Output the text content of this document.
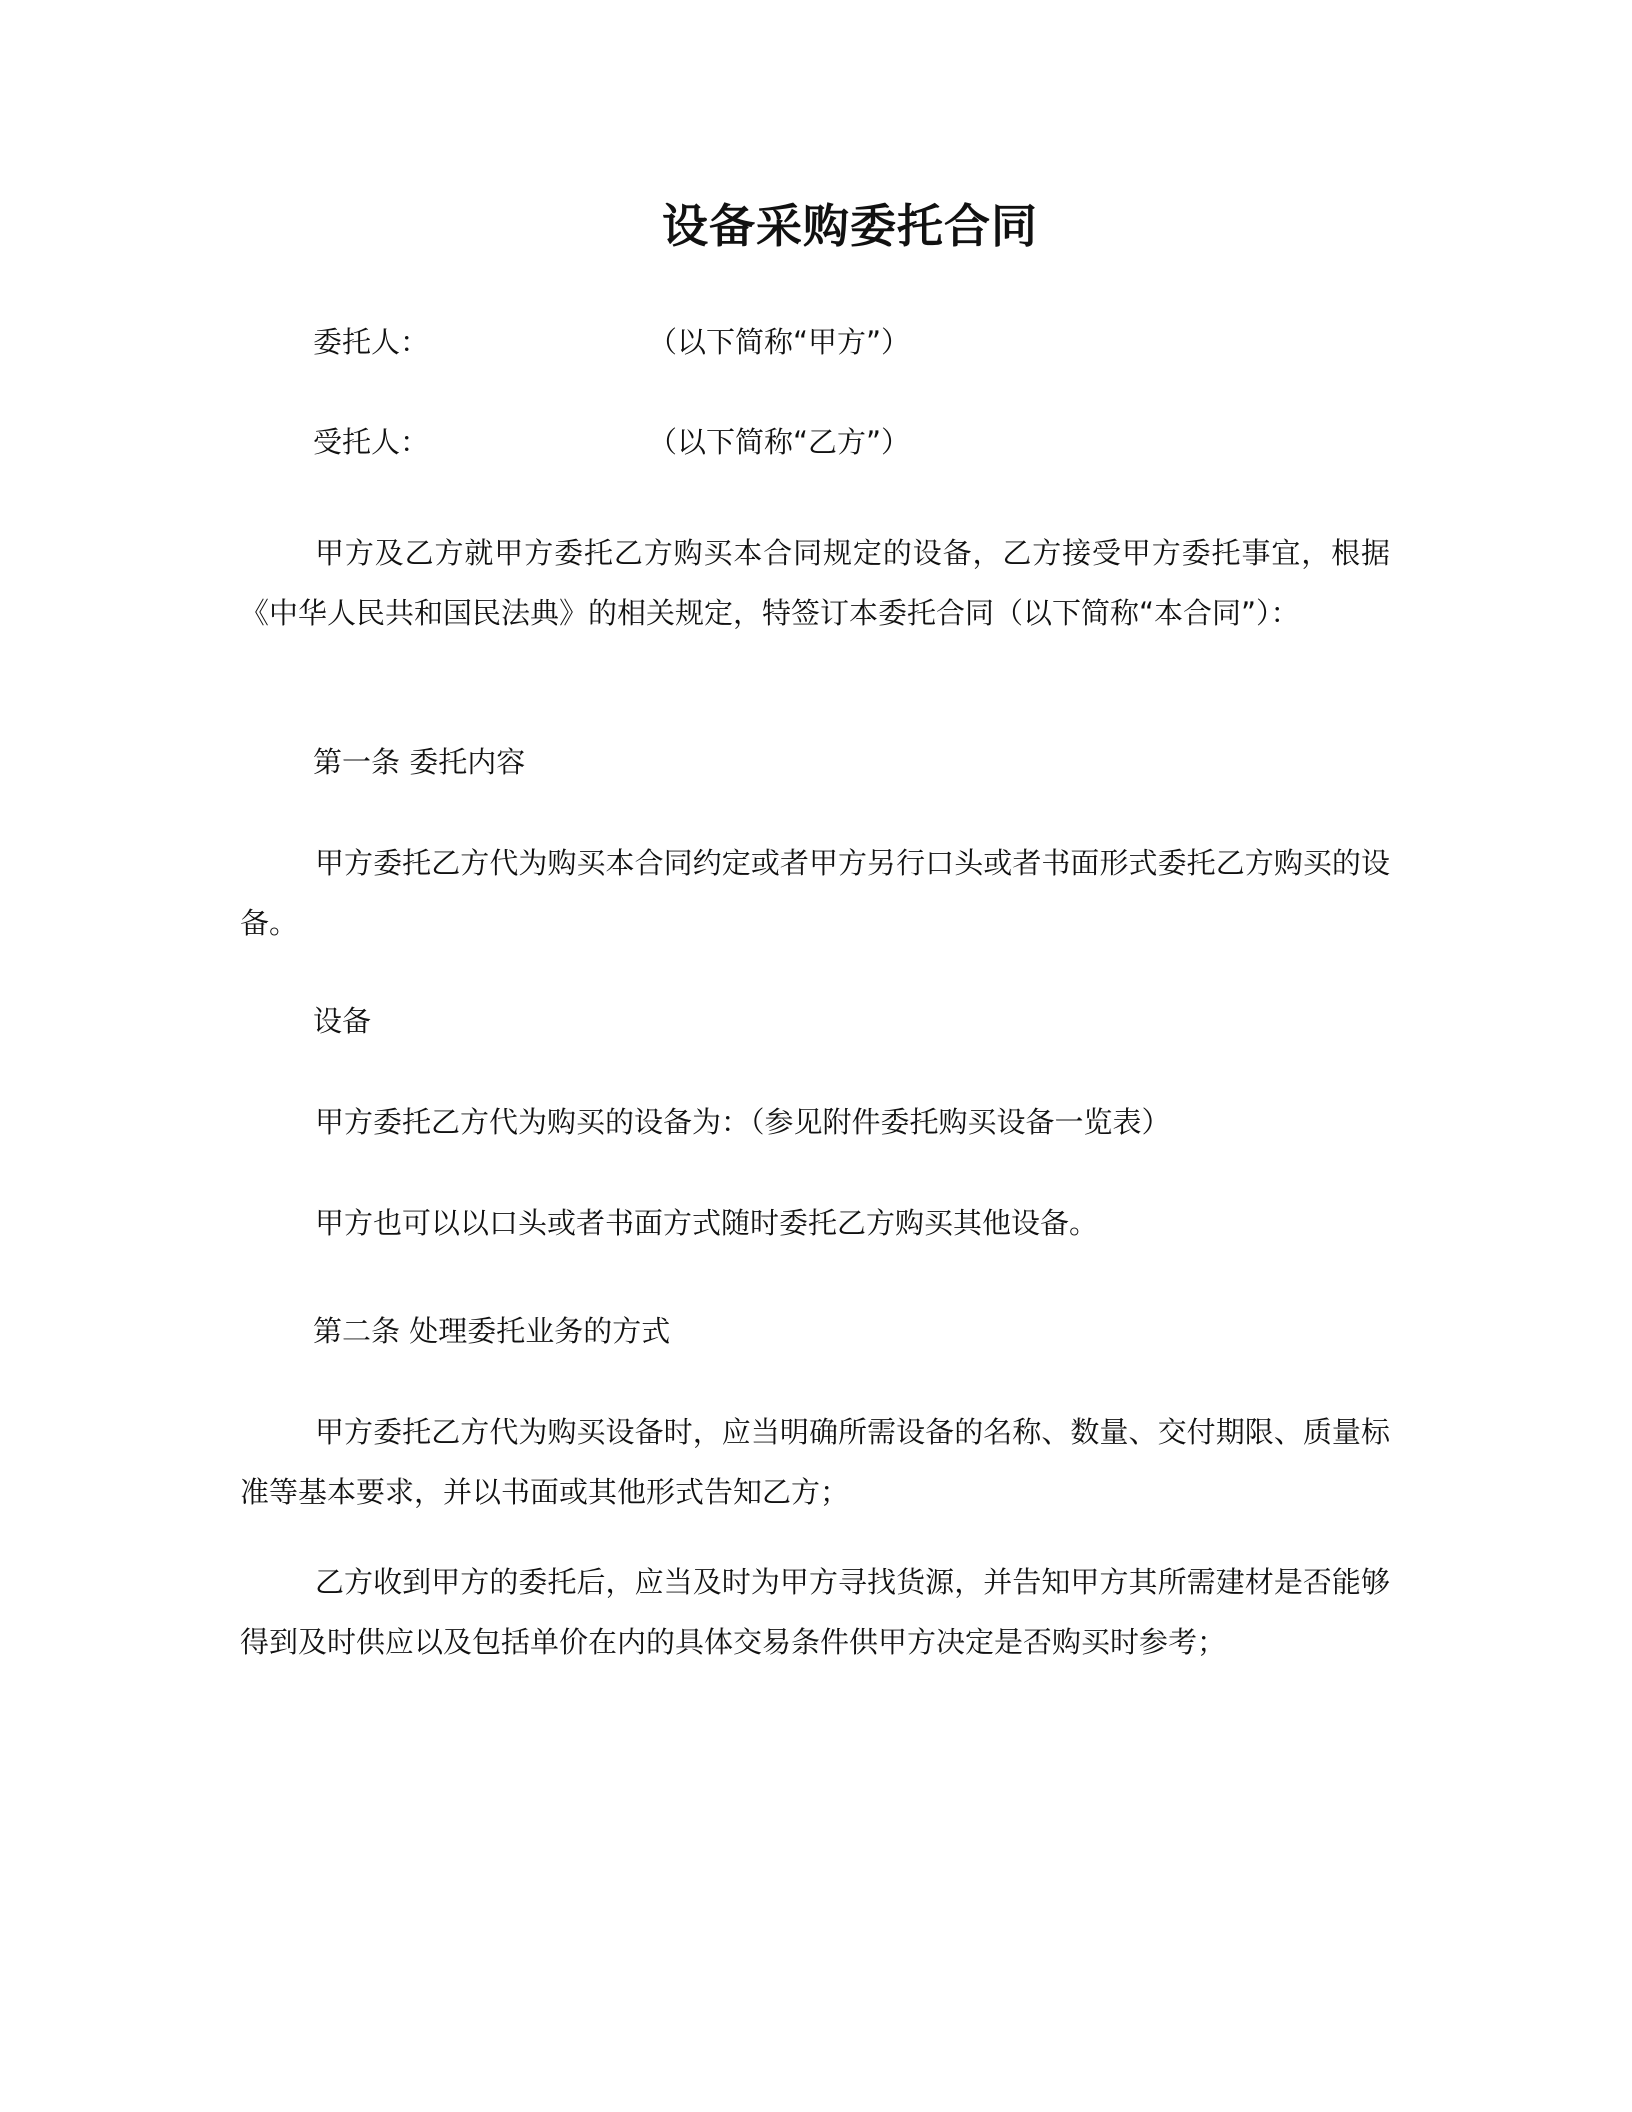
设备采购委托合同
委托人：	（以下简称“甲方”）
受托人：	（以下简称“乙方”）
甲方及乙方就甲方委托乙方购买本合同规定的设备，乙方接受甲方委托事宜，根据《中华人民共和国民法典》的相关规定，特签订本委托合同（以下简称“本合同”）：
第一条 委托内容
甲方委托乙方代为购买本合同约定或者甲方另行口头或者书面形式委托乙方购买的设备。
设备
甲方委托乙方代为购买的设备为：（参见附件委托购买设备一览表）
甲方也可以以口头或者书面方式随时委托乙方购买其他设备。
第二条 处理委托业务的方式
甲方委托乙方代为购买设备时，应当明确所需设备的名称、数量、交付期限、质量标准等基本要求，并以书面或其他形式告知乙方；
乙方收到甲方的委托后，应当及时为甲方寻找货源，并告知甲方其所需建材是否能够得到及时供应以及包括单价在内的具体交易条件供甲方决定是否购买时参考；
